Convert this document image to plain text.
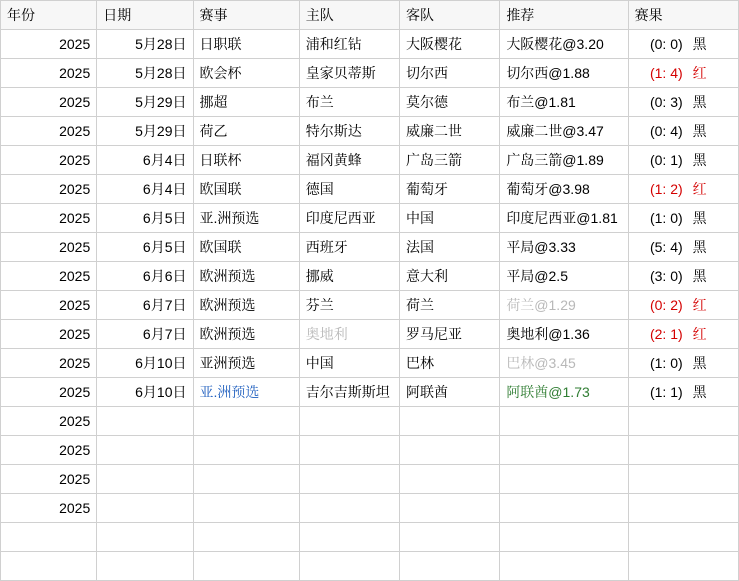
年份	日期	赛事	主队	客队	推荐	赛果
2025	5月28日	日职联	浦和红钻	大阪樱花	大阪樱花@3.20	(0: 0) 黑

2025	5月28日	欧会杯	皇家贝蒂斯	切尔西	切尔西@1.88	(1: 4) 红

2025	5月29日	挪超	布兰	莫尔德	布兰@1.81	(0: 3) 黑

2025	5月29日	荷乙	特尔斯达	威廉二世	威廉二世@3.47	(0: 4) 黑

2025	6月4日	日联杯	福冈黄蜂	广岛三箭	广岛三箭@1.89	(0: 1) 黑

2025	6月4日	欧国联	德国	葡萄牙	葡萄牙@3.98	(1: 2) 红

2025	6月5日	亚.洲预选	印度尼西亚	中国	印度尼西亚@1.81	(1: 0) 黑

2025	6月5日	欧国联	西班牙	法国	平局@3.33	(5: 4) 黑

2025	6月6日	欧洲预选	挪威	意大利	平局@2.5	(3: 0) 黑

2025	6月7日	欧洲预选	芬兰	荷兰	荷兰@1.29	(0: 2) 红

2025	6月7日	欧洲预选	奥地利	罗马尼亚	奥地利@1.36	(2: 1) 红

2025	6月10日	亚洲预选	中国	巴林	巴林@3.45	(1: 0) 黑

2025	6月10日	亚.洲预选	吉尔吉斯斯坦	阿联酋	阿联酋@1.73	(1: 1) 黑

2025						
2025						
2025						
2025						
